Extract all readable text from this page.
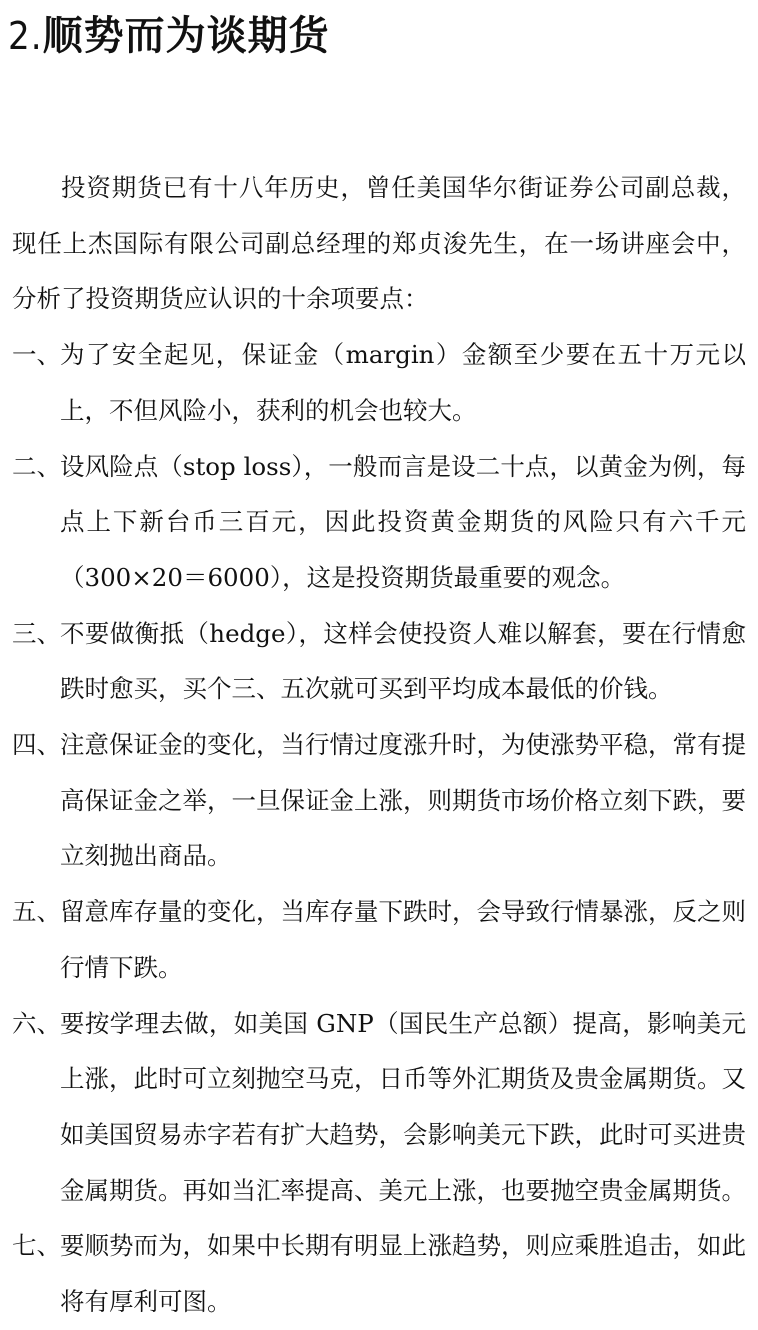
2.顺势而为谈期货

投资期货已有十八年历史，曾任美国华尔街证券公司副总裁，现任上杰国际有限公司副总经理的郑贞浚先生，在一场讲座会中，分析了投资期货应认识的十余项要点：

一、 为了安全起见，保证金（margin）金额至少要在五十万元以上，不但风险小，获利的机会也较大。

二、 设风险点（stop loss），一般而言是设二十点，以黄金为例，每点上下新台币三百元，因此投资黄金期货的风险只有六千元（300×20＝6000），这是投资期货最重要的观念。

三、 不要做衡抵（hedge），这样会使投资人难以解套，要在行情愈跌时愈买，买个三、五次就可买到平均成本最低的价钱。

四、 注意保证金的变化，当行情过度涨升时，为使涨势平稳，常有提高保证金之举，一旦保证金上涨，则期货市场价格立刻下跌，要立刻抛出商品。

五、 留意库存量的变化，当库存量下跌时，会导致行情暴涨，反之则行情下跌。

六、 要按学理去做，如美国 GNP（国民生产总额）提高，影响美元上涨，此时可立刻抛空马克，日币等外汇期货及贵金属期货。又如美国贸易赤字若有扩大趋势，会影响美元下跌，此时可买进贵金属期货。再如当汇率提高、美元上涨，也要抛空贵金属期货。

七、 要顺势而为，如果中长期有明显上涨趋势，则应乘胜追击，如此将有厚利可图。
